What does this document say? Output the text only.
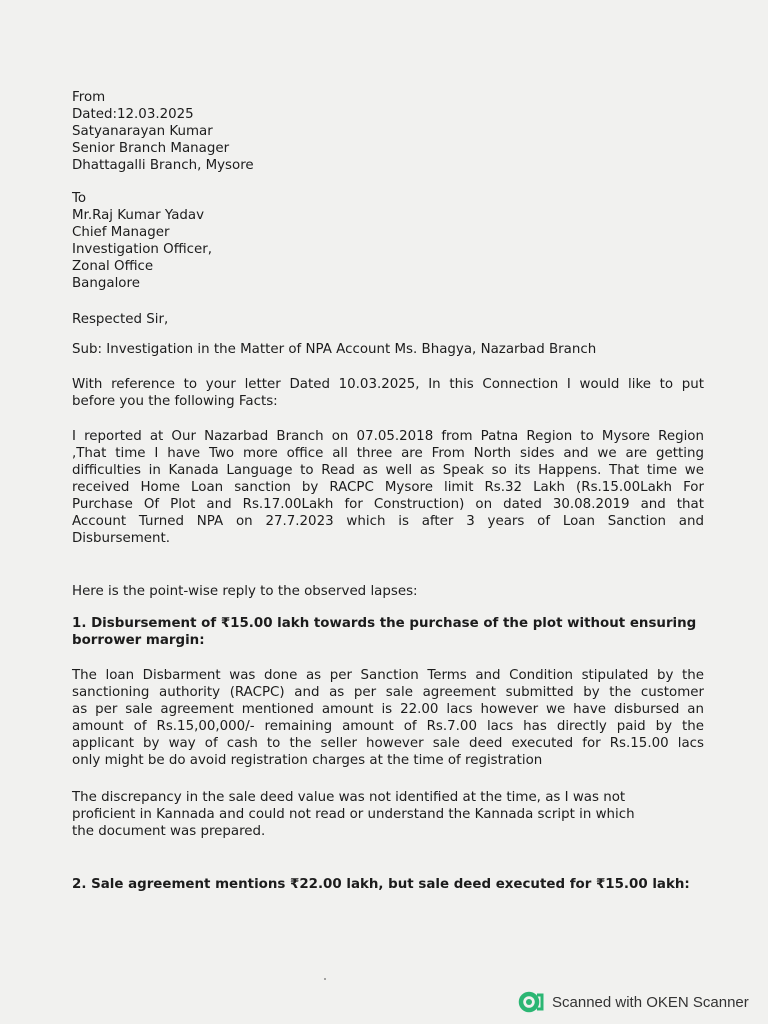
From
Dated:12.03.2025
Satyanarayan Kumar
Senior Branch Manager
Dhattagalli Branch, Mysore
To
Mr.Raj Kumar Yadav
Chief Manager
Investigation Officer,
Zonal Office
Bangalore
Respected Sir,
Sub: Investigation in the Matter of NPA Account Ms. Bhagya, Nazarbad Branch
With reference to your letter Dated 10.03.2025, In this Connection I would like to put
before you the following Facts:
I reported at Our Nazarbad Branch on 07.05.2018 from Patna Region to Mysore Region
,That time I have Two more office all three are From North sides and we are getting
difficulties in Kanada Language to Read as well as Speak so its Happens. That time we
received Home Loan sanction by RACPC Mysore limit Rs.32 Lakh (Rs.15.00Lakh For
Purchase Of Plot and Rs.17.00Lakh for Construction) on dated 30.08.2019 and that
Account Turned NPA on 27.7.2023 which is after 3 years of Loan Sanction and
Disbursement.
Here is the point-wise reply to the observed lapses:
1. Disbursement of ₹15.00 lakh towards the purchase of the plot without ensuring
borrower margin:
The loan Disbarment was done as per Sanction Terms and Condition stipulated by the
sanctioning authority (RACPC) and as per sale agreement submitted by the customer
as per sale agreement mentioned amount is 22.00 lacs however we have disbursed an
amount of Rs.15,00,000/- remaining amount of Rs.7.00 lacs has directly paid by the
applicant by way of cash to the seller however sale deed executed for Rs.15.00 lacs
only might be do avoid registration charges at the time of registration
The discrepancy in the sale deed value was not identified at the time, as I was not
proficient in Kannada and could not read or understand the Kannada script in which
the document was prepared.
2. Sale agreement mentions ₹22.00 lakh, but sale deed executed for ₹15.00 lakh:
Scanned with OKEN Scanner
